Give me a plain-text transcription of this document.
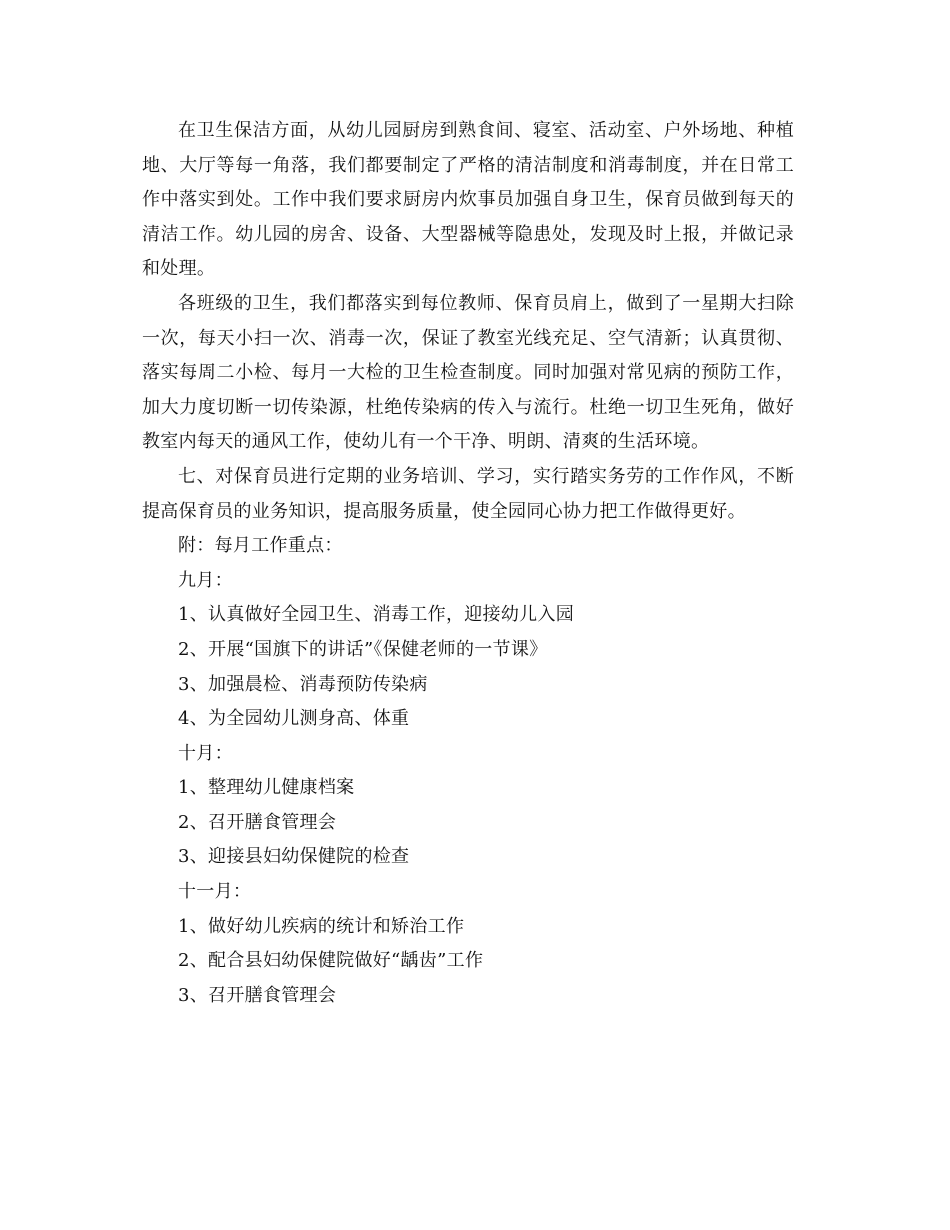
在卫生保洁方面，从幼儿园厨房到熟食间、寝室、活动室、户外场地、种植地、大厅等每一角落，我们都要制定了严格的清洁制度和消毒制度，并在日常工作中落实到处。工作中我们要求厨房内炊事员加强自身卫生，保育员做到每天的清洁工作。幼儿园的房舍、设备、大型器械等隐患处，发现及时上报，并做记录和处理。

各班级的卫生，我们都落实到每位教师、保育员肩上，做到了一星期大扫除一次，每天小扫一次、消毒一次，保证了教室光线充足、空气清新；认真贯彻、落实每周二小检、每月一大检的卫生检查制度。同时加强对常见病的预防工作，加大力度切断一切传染源，杜绝传染病的传入与流行。杜绝一切卫生死角，做好教室内每天的通风工作，使幼儿有一个干净、明朗、清爽的生活环境。

七、对保育员进行定期的业务培训、学习，实行踏实务劳的工作作风，不断提高保育员的业务知识，提高服务质量，使全园同心协力把工作做得更好。

附：每月工作重点：

九月：

1、认真做好全园卫生、消毒工作，迎接幼儿入园

2、开展“国旗下的讲话”《保健老师的一节课》

3、加强晨检、消毒预防传染病

4、为全园幼儿测身高、体重

十月：

1、整理幼儿健康档案

2、召开膳食管理会

3、迎接县妇幼保健院的检查

十一月：

1、做好幼儿疾病的统计和矫治工作

2、配合县妇幼保健院做好“龋齿”工作

3、召开膳食管理会
